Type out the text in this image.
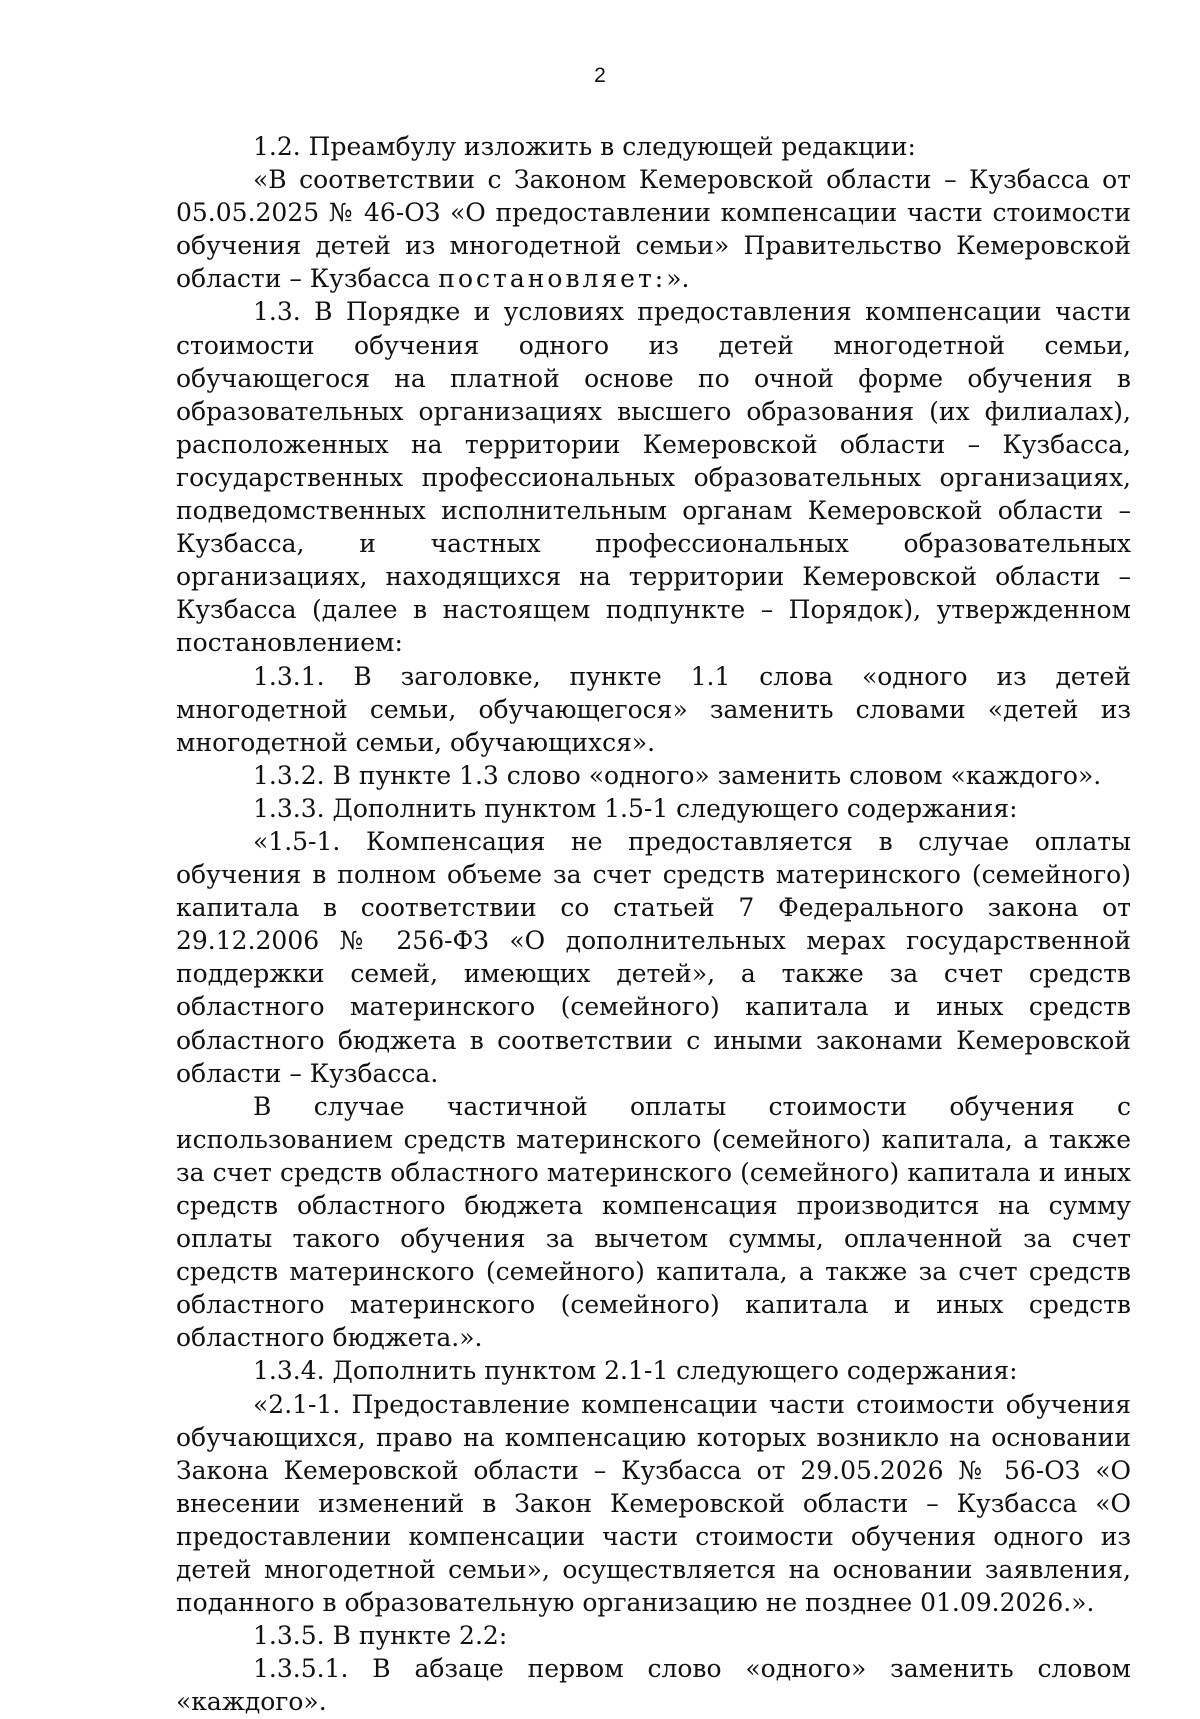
2

1.2. Преамбулу изложить в следующей редакции:

«В соответствии с Законом Кемеровской области – Кузбасса от 05.05.2025 № 46-ОЗ «О предоставлении компенсации части стоимости обучения детей из многодетной семьи» Правительство Кемеровской области – Кузбасса постановляет:».

1.3. В Порядке и условиях предоставления компенсации части стоимости обучения одного из детей многодетной семьи, обучающегося на платной основе по очной форме обучения в образовательных организациях высшего образования (их филиалах), расположенных на территории Кемеровской области – Кузбасса, государственных профессиональных образовательных организациях, подведомственных исполнительным органам Кемеровской области – Кузбасса, и частных профессиональных образовательных организациях, находящихся на территории Кемеровской области – Кузбасса (далее в настоящем подпункте – Порядок), утвержденном постановлением:

1.3.1. В заголовке, пункте 1.1 слова «одного из детей многодетной семьи, обучающегося» заменить словами «детей из многодетной семьи, обучающихся».

1.3.2. В пункте 1.3 слово «одного» заменить словом «каждого».

1.3.3. Дополнить пунктом 1.5-1 следующего содержания:

«1.5-1. Компенсация не предоставляется в случае оплаты обучения в полном объеме за счет средств материнского (семейного) капитала в соответствии со статьей 7 Федерального закона от 29.12.2006 № 256-ФЗ «О дополнительных мерах государственной поддержки семей, имеющих детей», а также за счет средств областного материнского (семейного) капитала и иных средств областного бюджета в соответствии с иными законами Кемеровской области – Кузбасса.

В случае частичной оплаты стоимости обучения с использованием средств материнского (семейного) капитала, а также за счет средств областного материнского (семейного) капитала и иных средств областного бюджета компенсация производится на сумму оплаты такого обучения за вычетом суммы, оплаченной за счет средств материнского (семейного) капитала, а также за счет средств областного материнского (семейного) капитала и иных средств областного бюджета.».

1.3.4. Дополнить пунктом 2.1-1 следующего содержания:

«2.1-1. Предоставление компенсации части стоимости обучения обучающихся, право на компенсацию которых возникло на основании Закона Кемеровской области – Кузбасса от 29.05.2026 № 56-ОЗ «О внесении изменений в Закон Кемеровской области – Кузбасса «О предоставлении компенсации части стоимости обучения одного из детей многодетной семьи», осуществляется на основании заявления, поданного в образовательную организацию не позднее 01.09.2026.».

1.3.5. В пункте 2.2:

1.3.5.1. В абзаце первом слово «одного» заменить словом «каждого».
